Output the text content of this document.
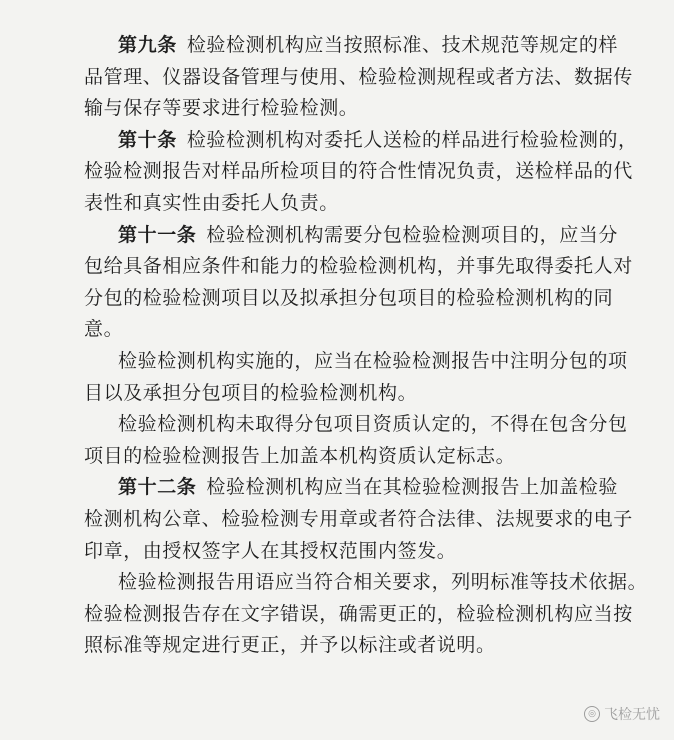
第九条 检验检测机构应当按照标准、技术规范等规定的样
品管理、仪器设备管理与使用、检验检测规程或者方法、数据传
输与保存等要求进行检验检测。
第十条 检验检测机构对委托人送检的样品进行检验检测的，
检验检测报告对样品所检项目的符合性情况负责，送检样品的代
表性和真实性由委托人负责。
第十一条 检验检测机构需要分包检验检测项目的，应当分
包给具备相应条件和能力的检验检测机构，并事先取得委托人对
分包的检验检测项目以及拟承担分包项目的检验检测机构的同
意。
检验检测机构实施的，应当在检验检测报告中注明分包的项
目以及承担分包项目的检验检测机构。
检验检测机构未取得分包项目资质认定的，不得在包含分包
项目的检验检测报告上加盖本机构资质认定标志。
第十二条 检验检测机构应当在其检验检测报告上加盖检验
检测机构公章、检验检测专用章或者符合法律、法规要求的电子
印章，由授权签字人在其授权范围内签发。
检验检测报告用语应当符合相关要求，列明标准等技术依据。
检验检测报告存在文字错误，确需更正的，检验检测机构应当按
照标准等规定进行更正，并予以标注或者说明。
◎ 飞检无忧
